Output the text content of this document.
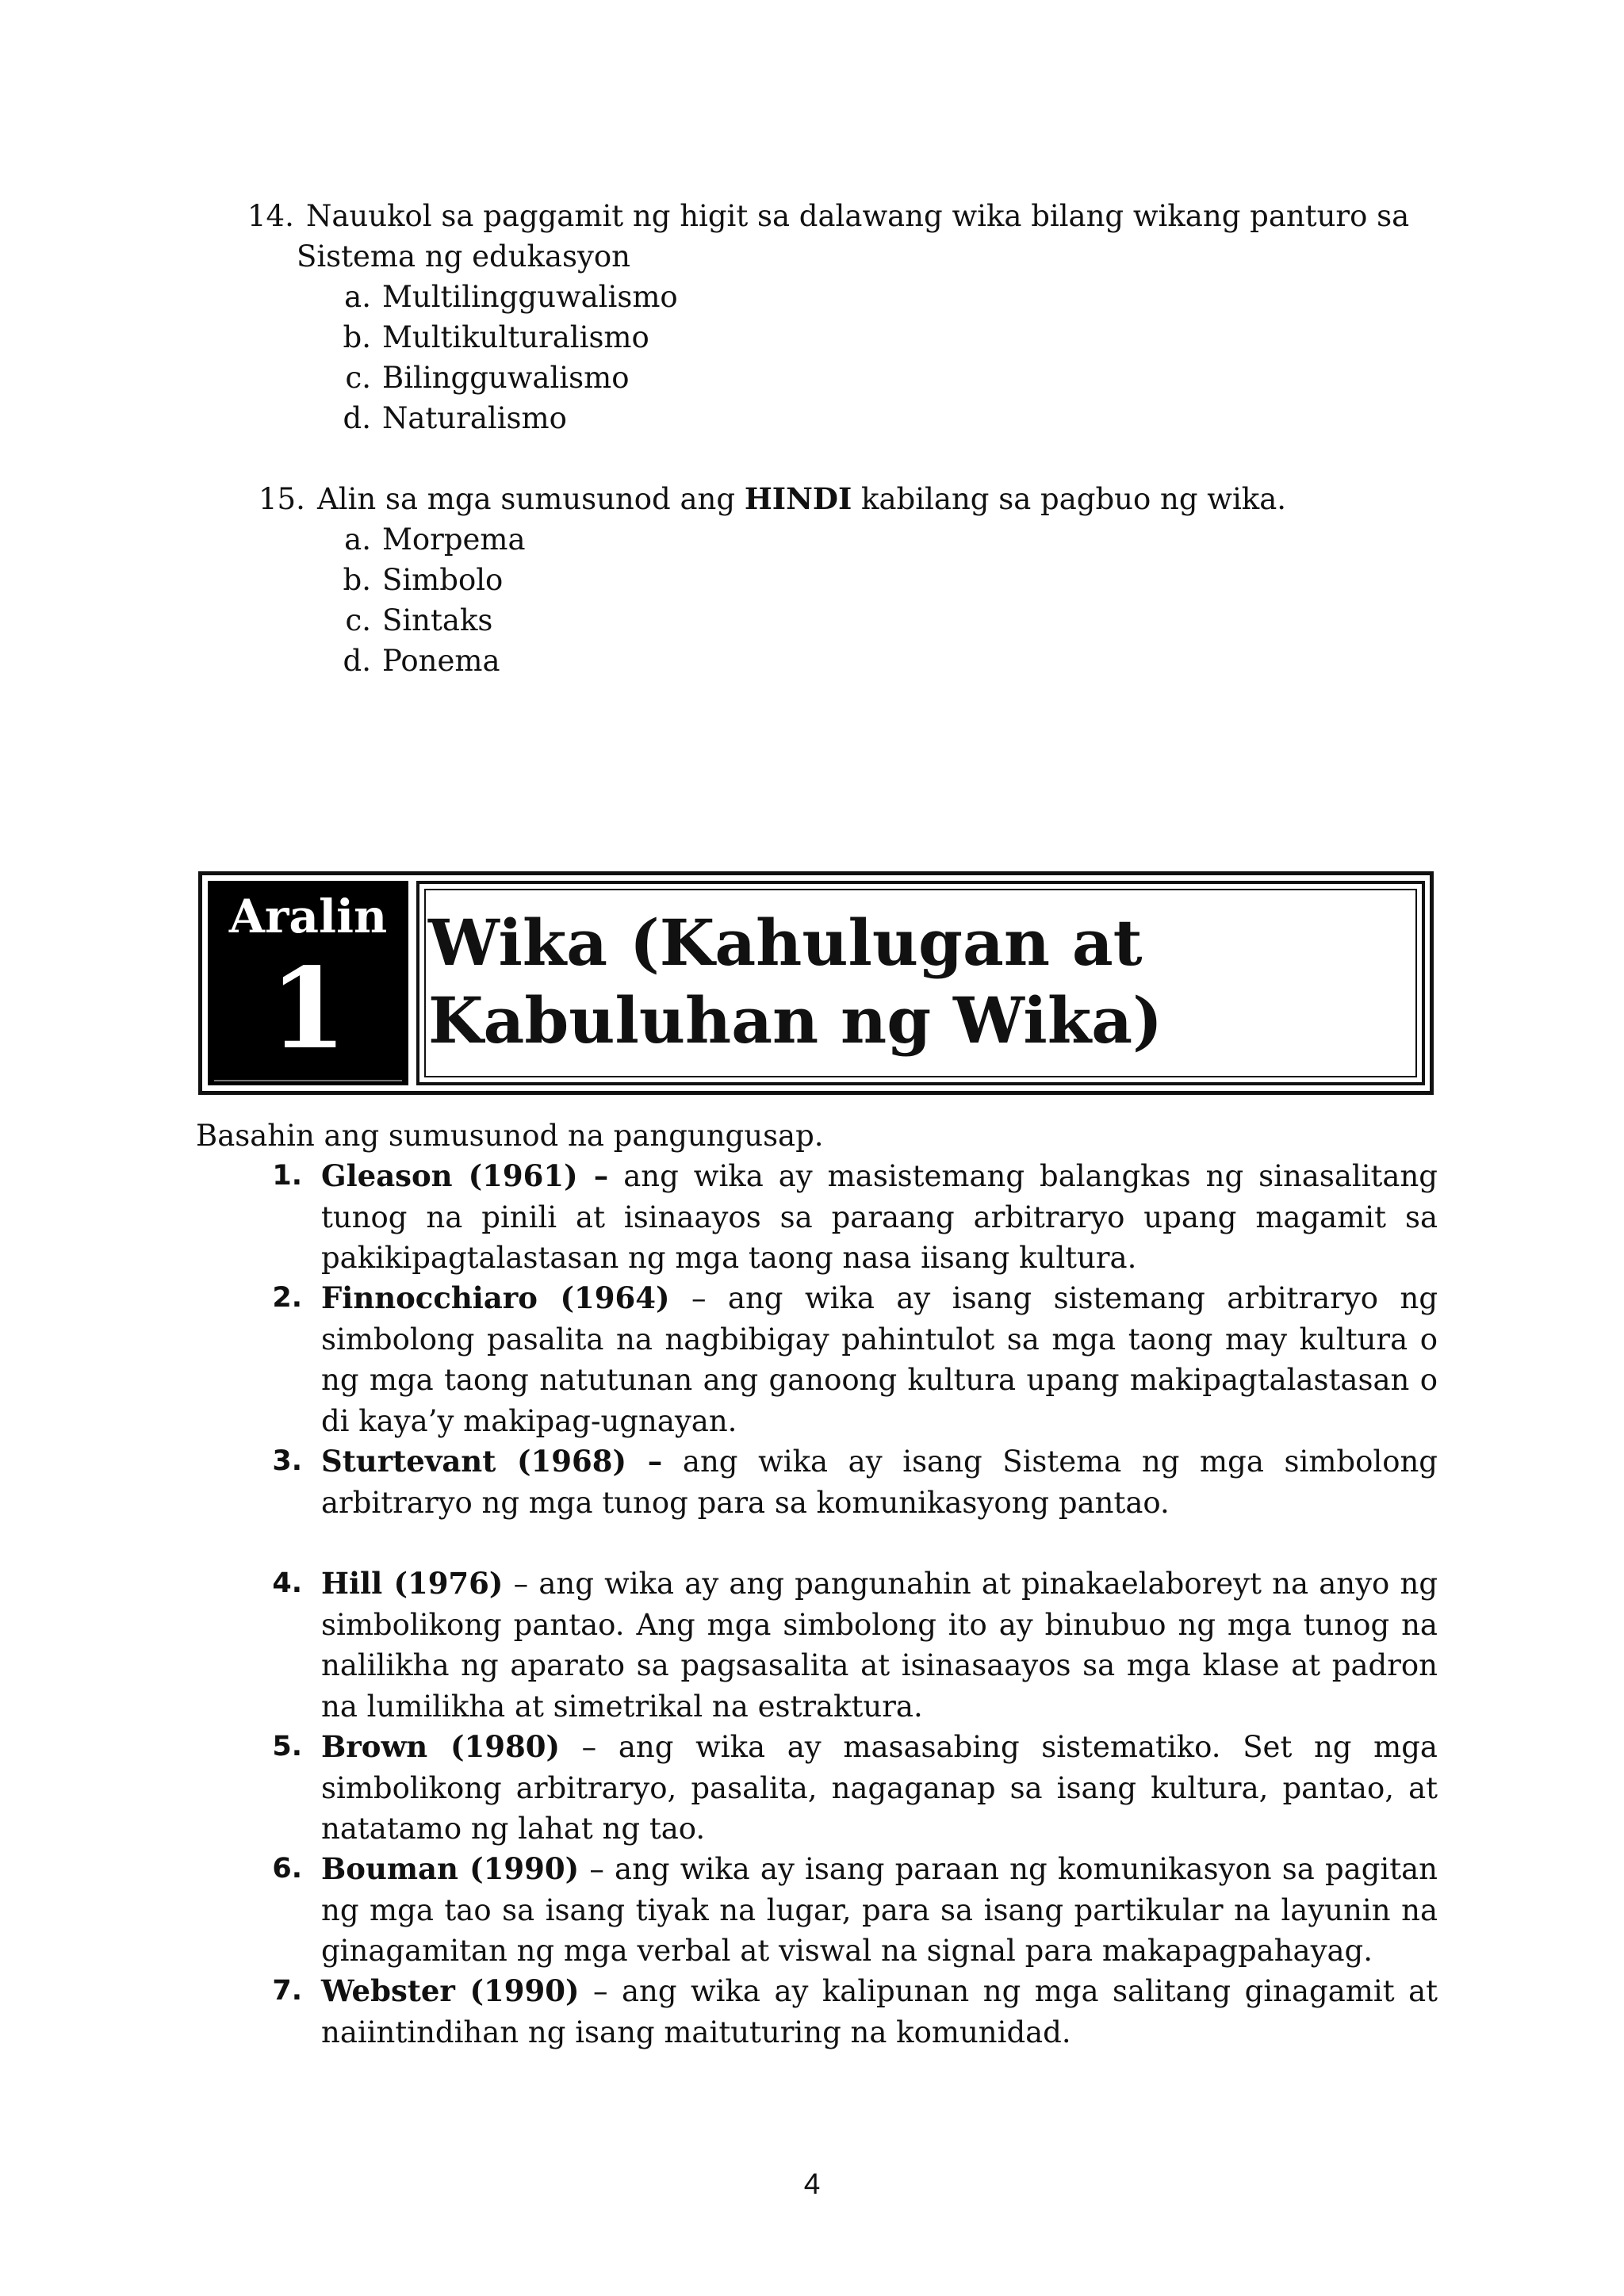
14. Nauukol sa paggamit ng higit sa dalawang wika bilang wikang panturo sa
Sistema ng edukasyon
a. Multilingguwalismo
b. Multikulturalismo
c. Bilingguwalismo
d. Naturalismo
15. Alin sa mga sumusunod ang HINDI kabilang sa pagbuo ng wika.
a. Morpema
b. Simbolo
c. Sintaks
d. Ponema
Aralin
1
Wika (Kahulugan at
Kabuluhan ng Wika)
Basahin ang sumusunod na pangungusap.
1. Gleason (1961) – ang wika ay masistemang balangkas ng sinasalitang tunog na pinili at isinaayos sa paraang arbitraryo upang magamit sa pakikipagtalastasan ng mga taong nasa iisang kultura.
2. Finnocchiaro (1964) – ang wika ay isang sistemang arbitraryo ng simbolong pasalita na nagbibigay pahintulot sa mga taong may kultura o ng mga taong natutunan ang ganoong kultura upang makipagtalastasan o di kaya’y makipag-ugnayan.
3. Sturtevant (1968) – ang wika ay isang Sistema ng mga simbolong arbitraryo ng mga tunog para sa komunikasyong pantao.
4. Hill (1976) – ang wika ay ang pangunahin at pinakaelaboreyt na anyo ng simbolikong pantao. Ang mga simbolong ito ay binubuo ng mga tunog na nalilikha ng aparato sa pagsasalita at isinasaayos sa mga klase at padron na lumilikha at simetrikal na estraktura.
5. Brown (1980) – ang wika ay masasabing sistematiko. Set ng mga simbolikong arbitraryo, pasalita, nagaganap sa isang kultura, pantao, at natatamo ng lahat ng tao.
6. Bouman (1990) – ang wika ay isang paraan ng komunikasyon sa pagitan ng mga tao sa isang tiyak na lugar, para sa isang partikular na layunin na ginagamitan ng mga verbal at viswal na signal para makapagpahayag.
7. Webster (1990) – ang wika ay kalipunan ng mga salitang ginagamit at naiintindihan ng isang maituturing na komunidad.
4
